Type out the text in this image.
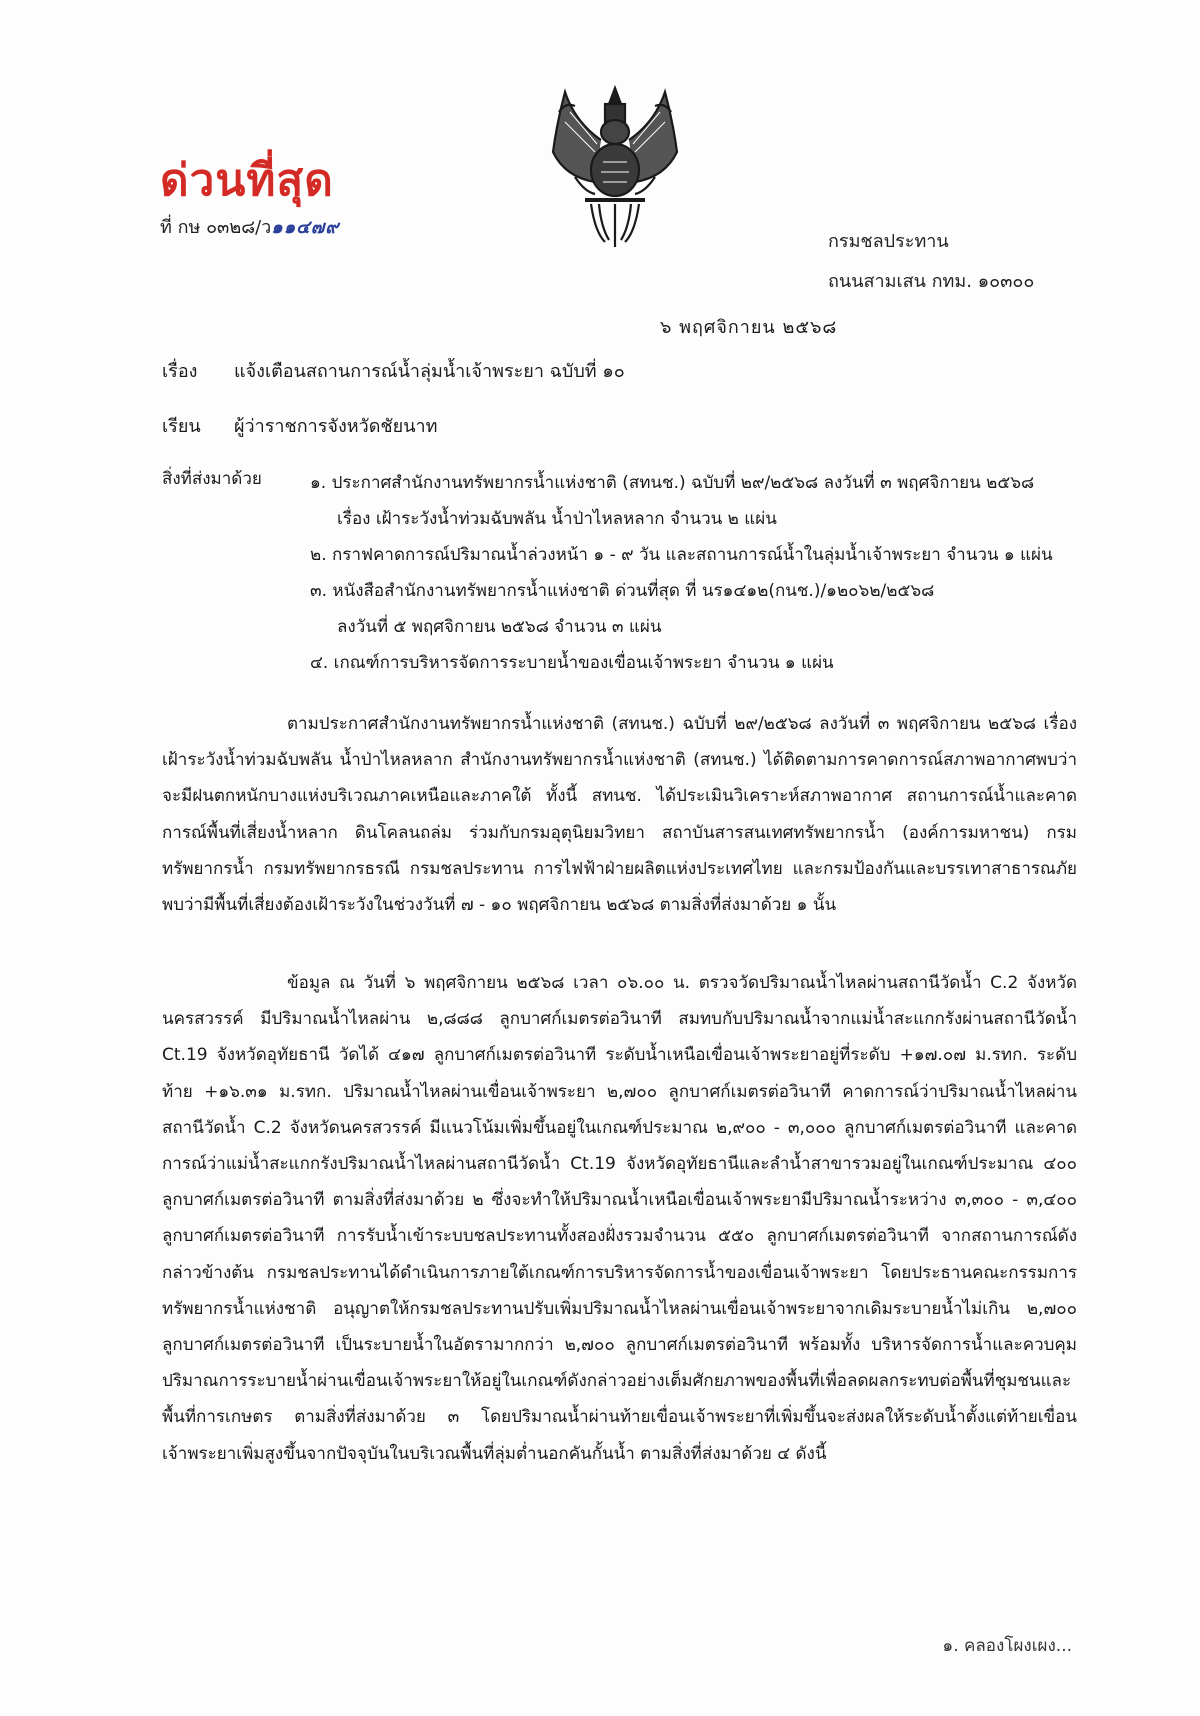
ด่วนที่สุด
ที่ กษ ๐๓๒๘/ว๑๑๔๗๙
กรมชลประทาน
ถนนสามเสน กทม. ๑๐๓๐๐
๖ พฤศจิกายน ๒๕๖๘
เรื่อง แจ้งเตือนสถานการณ์น้ำลุ่มน้ำเจ้าพระยา ฉบับที่ ๑๐
เรียน ผู้ว่าราชการจังหวัดชัยนาท
สิ่งที่ส่งมาด้วย	๑. ประกาศสำนักงานทรัพยากรน้ำแห่งชาติ (สทนช.) ฉบับที่ ๒๙/๒๕๖๘ ลงวันที่ ๓ พฤศจิกายน ๒๕๖๘
เรื่อง เฝ้าระวังน้ำท่วมฉับพลัน น้ำป่าไหลหลาก จำนวน ๒ แผ่น
๒. กราฟคาดการณ์ปริมาณน้ำล่วงหน้า ๑ - ๙ วัน และสถานการณ์น้ำในลุ่มน้ำเจ้าพระยา จำนวน ๑ แผ่น
๓. หนังสือสำนักงานทรัพยากรน้ำแห่งชาติ ด่วนที่สุด ที่ นร๑๔๑๒(กนช.)/๑๒๐๖๒/๒๕๖๘
ลงวันที่ ๕ พฤศจิกายน ๒๕๖๘ จำนวน ๓ แผ่น
๔. เกณฑ์การบริหารจัดการระบายน้ำของเขื่อนเจ้าพระยา จำนวน ๑ แผ่น
ตามประกาศสำนักงานทรัพยากรน้ำแห่งชาติ (สทนช.) ฉบับที่ ๒๙/๒๕๖๘ ลงวันที่ ๓ พฤศจิกายน ๒๕๖๘ เรื่อง เฝ้าระวังน้ำท่วมฉับพลัน น้ำป่าไหลหลาก สำนักงานทรัพยากรน้ำแห่งชาติ (สทนช.) ได้ติดตามการคาดการณ์สภาพอากาศพบว่า จะมีฝนตกหนักบางแห่งบริเวณภาคเหนือและภาคใต้ ทั้งนี้ สทนช. ได้ประเมินวิเคราะห์สภาพอากาศ สถานการณ์น้ำและคาดการณ์พื้นที่เสี่ยงน้ำหลาก ดินโคลนถล่ม ร่วมกับกรมอุตุนิยมวิทยา สถาบันสารสนเทศทรัพยากรน้ำ (องค์การมหาชน) กรมทรัพยากรน้ำ กรมทรัพยากรธรณี กรมชลประทาน การไฟฟ้าฝ่ายผลิตแห่งประเทศไทย และกรมป้องกันและบรรเทาสาธารณภัย พบว่ามีพื้นที่เสี่ยงต้องเฝ้าระวังในช่วงวันที่ ๗ - ๑๐ พฤศจิกายน ๒๕๖๘ ตามสิ่งที่ส่งมาด้วย ๑ นั้น
ข้อมูล ณ วันที่ ๖ พฤศจิกายน ๒๕๖๘ เวลา ๐๖.๐๐ น. ตรวจวัดปริมาณน้ำไหลผ่านสถานีวัดน้ำ C.2 จังหวัดนครสวรรค์ มีปริมาณน้ำไหลผ่าน ๒,๘๘๘ ลูกบาศก์เมตรต่อวินาที สมทบกับปริมาณน้ำจากแม่น้ำสะแกกรังผ่านสถานีวัดน้ำ Ct.19 จังหวัดอุทัยธานี วัดได้ ๔๑๗ ลูกบาศก์เมตรต่อวินาที ระดับน้ำเหนือเขื่อนเจ้าพระยาอยู่ที่ระดับ +๑๗.๐๗ ม.รทก. ระดับท้าย +๑๖.๓๑ ม.รทก. ปริมาณน้ำไหลผ่านเขื่อนเจ้าพระยา ๒,๗๐๐ ลูกบาศก์เมตรต่อวินาที คาดการณ์ว่าปริมาณน้ำไหลผ่านสถานีวัดน้ำ C.2 จังหวัดนครสวรรค์ มีแนวโน้มเพิ่มขึ้นอยู่ในเกณฑ์ประมาณ ๒,๙๐๐ - ๓,๐๐๐ ลูกบาศก์เมตรต่อวินาที และคาดการณ์ว่าแม่น้ำสะแกกรังปริมาณน้ำไหลผ่านสถานีวัดน้ำ Ct.19 จังหวัดอุทัยธานีและลำน้ำสาขารวมอยู่ในเกณฑ์ประมาณ ๔๐๐ ลูกบาศก์เมตรต่อวินาที ตามสิ่งที่ส่งมาด้วย ๒ ซึ่งจะทำให้ปริมาณน้ำเหนือเขื่อนเจ้าพระยามีปริมาณน้ำระหว่าง ๓,๓๐๐ - ๓,๔๐๐ ลูกบาศก์เมตรต่อวินาที การรับน้ำเข้าระบบชลประทานทั้งสองฝั่งรวมจำนวน ๕๕๐ ลูกบาศก์เมตรต่อวินาที จากสถานการณ์ดังกล่าวข้างต้น กรมชลประทานได้ดำเนินการภายใต้เกณฑ์การบริหารจัดการน้ำของเขื่อนเจ้าพระยา โดยประธานคณะกรรมการทรัพยากรน้ำแห่งชาติ อนุญาตให้กรมชลประทานปรับเพิ่มปริมาณน้ำไหลผ่านเขื่อนเจ้าพระยาจากเดิมระบายน้ำไม่เกิน ๒,๗๐๐ ลูกบาศก์เมตรต่อวินาที เป็นระบายน้ำในอัตรามากกว่า ๒,๗๐๐ ลูกบาศก์เมตรต่อวินาที พร้อมทั้ง บริหารจัดการน้ำและควบคุมปริมาณการระบายน้ำผ่านเขื่อนเจ้าพระยาให้อยู่ในเกณฑ์ดังกล่าวอย่างเต็มศักยภาพของพื้นที่เพื่อลดผลกระทบต่อพื้นที่ชุมชนและพื้นที่การเกษตร ตามสิ่งที่ส่งมาด้วย ๓ โดยปริมาณน้ำผ่านท้ายเขื่อนเจ้าพระยาที่เพิ่มขึ้นจะส่งผลให้ระดับน้ำตั้งแต่ท้ายเขื่อนเจ้าพระยาเพิ่มสูงขึ้นจากปัจจุบันในบริเวณพื้นที่ลุ่มต่ำนอกคันกั้นน้ำ ตามสิ่งที่ส่งมาด้วย ๔ ดังนี้
๑. คลองโผงเผง...
